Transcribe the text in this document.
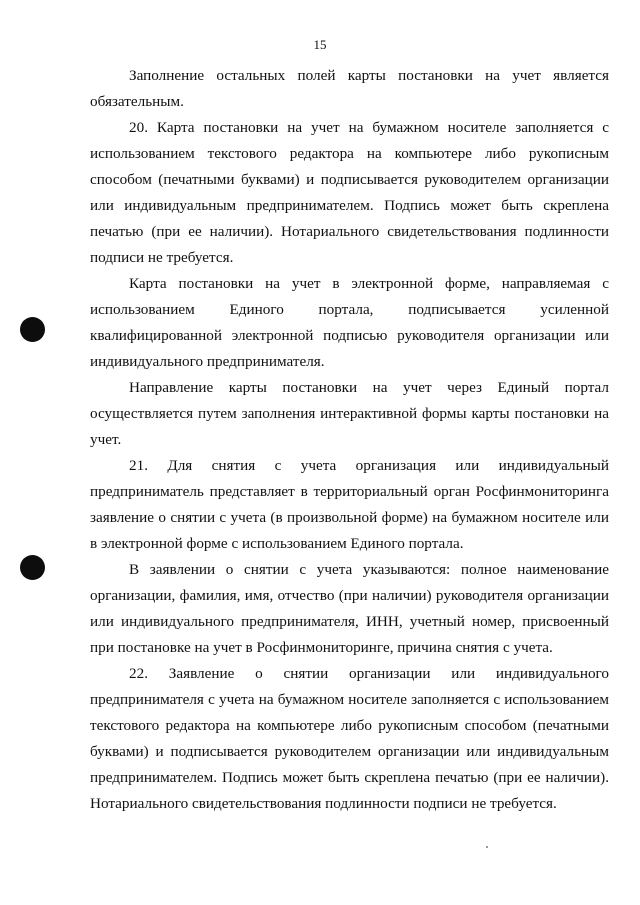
15

Заполнение остальных полей карты постановки на учет является обязательным.

20. Карта постановки на учет на бумажном носителе заполняется с использованием текстового редактора на компьютере либо рукописным способом (печатными буквами) и подписывается руководителем организации или индивидуальным предпринимателем. Подпись может быть скреплена печатью (при ее наличии). Нотариального свидетельствования подлинности подписи не требуется.

Карта постановки на учет в электронной форме, направляемая с использованием Единого портала, подписывается усиленной квалифицированной электронной подписью руководителя организации или индивидуального предпринимателя.

Направление карты постановки на учет через Единый портал осуществляется путем заполнения интерактивной формы карты постановки на учет.

21. Для снятия с учета организация или индивидуальный предприниматель представляет в территориальный орган Росфинмониторинга заявление о снятии с учета (в произвольной форме) на бумажном носителе или в электронной форме с использованием Единого портала.

В заявлении о снятии с учета указываются: полное наименование организации, фамилия, имя, отчество (при наличии) руководителя организации или индивидуального предпринимателя, ИНН, учетный номер, присвоенный при постановке на учет в Росфинмониторинге, причина снятия с учета.

22. Заявление о снятии организации или индивидуального предпринимателя с учета на бумажном носителе заполняется с использованием текстового редактора на компьютере либо рукописным способом (печатными буквами) и подписывается руководителем организации или индивидуальным предпринимателем. Подпись может быть скреплена печатью (при ее наличии). Нотариального свидетельствования подлинности подписи не требуется.
